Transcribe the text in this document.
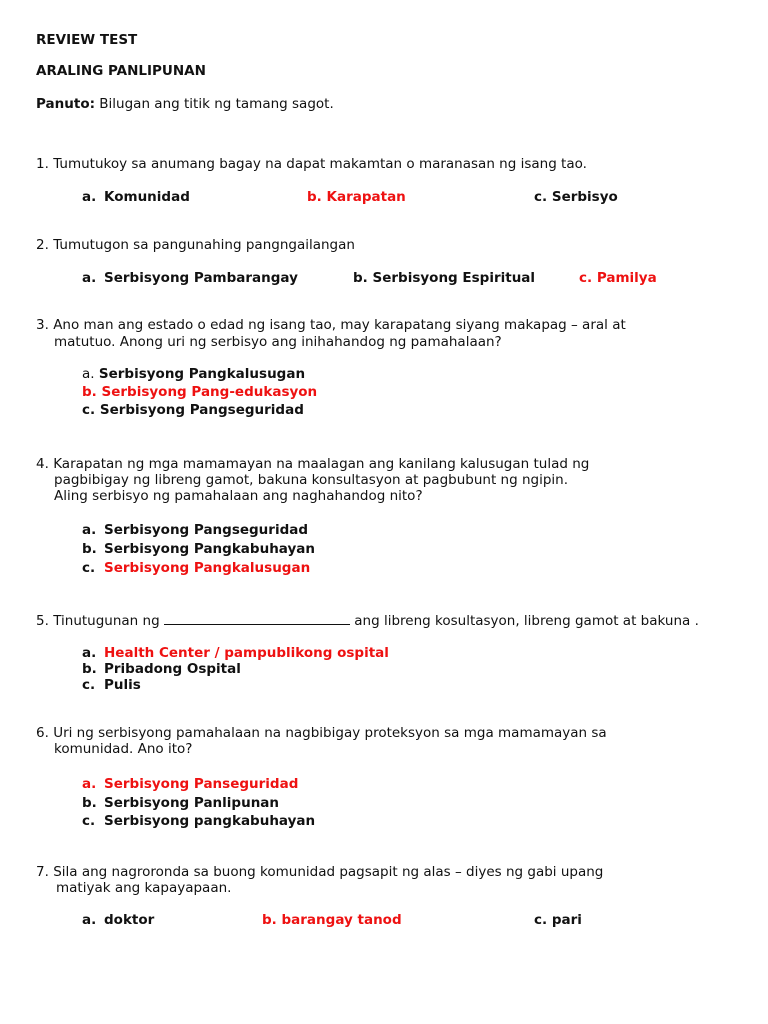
REVIEW TEST
ARALING PANLIPUNAN
Panuto: Bilugan ang titik ng tamang sagot.
1. Tumutukoy sa anumang bagay na dapat makamtan o maranasan ng isang tao.
a. Komunidad	b. Karapatan	c. Serbisyo
2. Tumutugon sa pangunahing pangngailangan
a. Serbisyong Pambarangay	b. Serbisyong Espiritual	c. Pamilya
3. Ano man ang estado o edad ng isang tao, may karapatang siyang makapag – aral at
matutuo. Anong uri ng serbisyo ang inihahandog ng pamahalaan?
a. Serbisyong Pangkalusugan
b. Serbisyong Pang-edukasyon
c. Serbisyong Pangseguridad
4. Karapatan ng mga mamamayan na maalagan ang kanilang kalusugan tulad ng
pagbibigay ng libreng gamot, bakuna konsultasyon at pagbubunt ng ngipin.
Aling serbisyo ng pamahalaan ang naghahandog nito?
a. Serbisyong Pangseguridad
b. Serbisyong Pangkabuhayan
c. Serbisyong Pangkalusugan
5. Tinutugunan ng	ang libreng kosultasyon, libreng gamot at bakuna .
a. Health Center / pampublikong ospital
b. Pribadong Ospital
c. Pulis
6. Uri ng serbisyong pamahalaan na nagbibigay proteksyon sa mga mamamayan sa
komunidad. Ano ito?
a. Serbisyong Panseguridad
b. Serbisyong Panlipunan
c. Serbisyong pangkabuhayan
7. Sila ang nagroronda sa buong komunidad pagsapit ng alas – diyes ng gabi upang
matiyak ang kapayapaan.
a. doktor	b. barangay tanod	c. pari
